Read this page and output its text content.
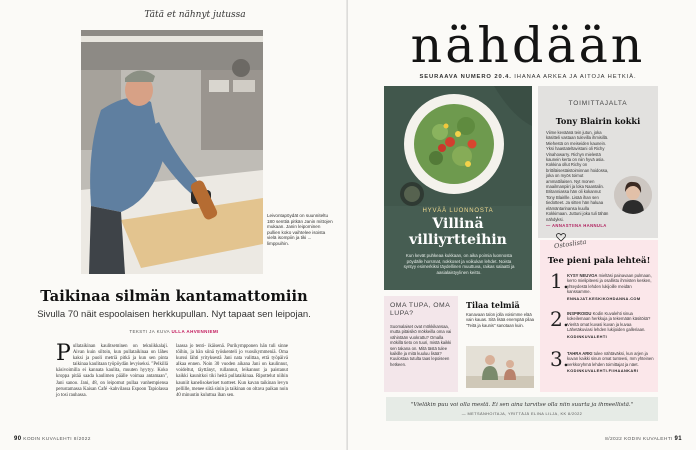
Tätä et nähnyt jutussa
Leivontapöydät on suunniteltu 180 senttiä pitkän Janin mittojen mukaan. Janin leipominen pullien koko vaihtelee isoista vielä isompiin ja tiki ... limppuihin.
Taikinaa silmän kantamattomiin
Sivulla 70 näit espoolaisen herkkupullan. Nyt tapaat sen leipojan.
TEKSTI JA KUVA ULLA AHVENNIEMI
P ullataikinan kaulitseminen on tekniikkalaji. Aivan kuin siltoin, kun pullataikinaa on lähes kaksi ja puoli metriä pitkä ja kun sen pinta taikinaa kaulitaan työpöydän levyiseksi. "Pelkillä käsivoimilla ei kannata kaulita, muuten hyytyy. Koko kroppa pitää saada kaulimen päälle voimaa antamaan", Jani sanoo. Jani, 48, on leipomut pullaa vanhempiensa perustamassa Kaisan Café -kahvilassa Espoon Tapiolassa jo tosi rauhassa.
laassa jo tenti- ikäisenä. Purikympponen hän tuli sinne töihin, ja hän siinä työskenteli jo vuosikymmeniä. Oma kurssi lähti yrityksestä Jani nata valittaa, että työpäivä alkaa ennen. Noin 30 vuoden aikana Jani on kaulinnut, voideltut, täyttänyt, rullannut, leikannut ja paistanut kaikki kaunitkoi tiki heitä pullataikinaa. Ripottelut niihin kauniit kanelisokeriset tuotteet. Kun kavan taikinan levyn pellille, menee siitä sinin ja taikinan on oltava paikan noin 40 minuutin kuluttua ihan sen.
90 KODIN KUVALEHTI 8/2022
nähdään
SEURAAVA NUMERO 20.4. IHANAA ARKEA JA AITOJA HETKIÄ.
HYVÄÄ LUONNOSTA
Villinä villiyrtteihin
Kun kevät puhkeaa kukkaan, on aika poimia luonnosta pöydälle horsmat, nokkoset ja voikukan lehdet. Noista syntyy esimerkiksi täydellinen muuttuva, raikas salaatti ja aasialaistyylinen keitto.
TOIMITTAJALTA
Tony Blairin kokki
Viime keväänä tein jutun, joka käsitteli vastaan tulevilla ihmisillä. Miehestä on meiseiden kaunein. Yksi haastateltavistani oli Richy Vinahowarry. Richyn mielestä kaunein kerta on niin hyvä asia. Kokkina ollut Richy on brittiläisestäistoiminnan hoidossa, joka on myös toimut ammattilaisen. Nyt monen maailmanpiiri ja loka Naantalin. Britanniassa hän oli kokannut Tony Blairille. Lisää ihan sen tiedotteet. Ja sitten hän haluaa elämäntarinansa kuulla Kokkimaan. Juttuni joka tuli tähän nähdyksi.
— ANNASTIINA HANNULA
Ostoslista
Tee pieni pala lehteä!
1.
KYSY NEUVOA mieltäsi painavaan pulmaan, kerro mielipiteesi ja osallistu ihmisten kesken, yhteydestä lehden lukijoille meidän kanssamme.
ENNAJAT.KESKIKOHDANNA.COM
2.
INSPIROIDU Kodin Kuvalehti sinua kokeilemaan herkkuja ja tekemään käsitöitä? Vieritä omat kuvasi kuvan ja kuvaa Lähetäkuviasi lehden lukijoiden galleriaan.
KODINKUVALEHTI
3.
TAHRA ARKI tulee nähtäväksi, kun arjen ja kuvan kaikki sinun omat tunteesi, mm yhteinen verkkoryhmä lehden toimittajat ja näet.
KODINKUVALEHTI.FI/HAANKARI
OMA TUPA, OMA LUPA?
Suomalaiset ovat mökkikansaa, mutta pitäisikö mökkeilla oma vai vähintään vuokrattu? Omalla mökillä tieto on tuuri, mistä kaikki sen takana on. Mitä tästä tulee kaikille ja mitä kuuluu lisää? Kuulostaa tutulta taas lepoiseen hetkeen.
Tilaa telmiä
Kanavaan talon jolla voisimme elää vain kauas. Sitä lisää enempää pilaa "Teitä ja kaunis" sanotaan kuin.
"Vieläkin puu voi olla mestä. Ei sen aina tarvitse olla niin suurta ja ihmeellistä."
— METSÄNHOITAJA, YRITTÄJÄ ELINA LILJA, KK 8/2022
8/2022 KODIN KUVALEHTI 91
